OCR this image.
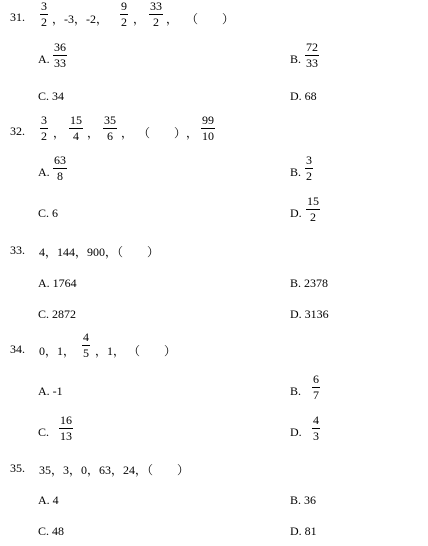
31.
3
2 ，-3，-2，
9
2 ，
33
2 ， （　　）
A.
36
33	B.
72
33
C. 34	D. 68
32.
3
2 ，
15
4 ，
35
6 ， （　　） ，
99
10
A.
63
8	B.
3
2
C. 6	D.
15
2
33. 4，144，900，（　　）
A. 1764	B. 2378
C. 2872	D. 3136
34. 0，1，
4
5 ，1， （　　）
A. -1	B.
6
7
C.
16
13	D.
4
3
35. 35，3，0，63，24，（　　）
A. 4	B. 36
C. 48	D. 81
